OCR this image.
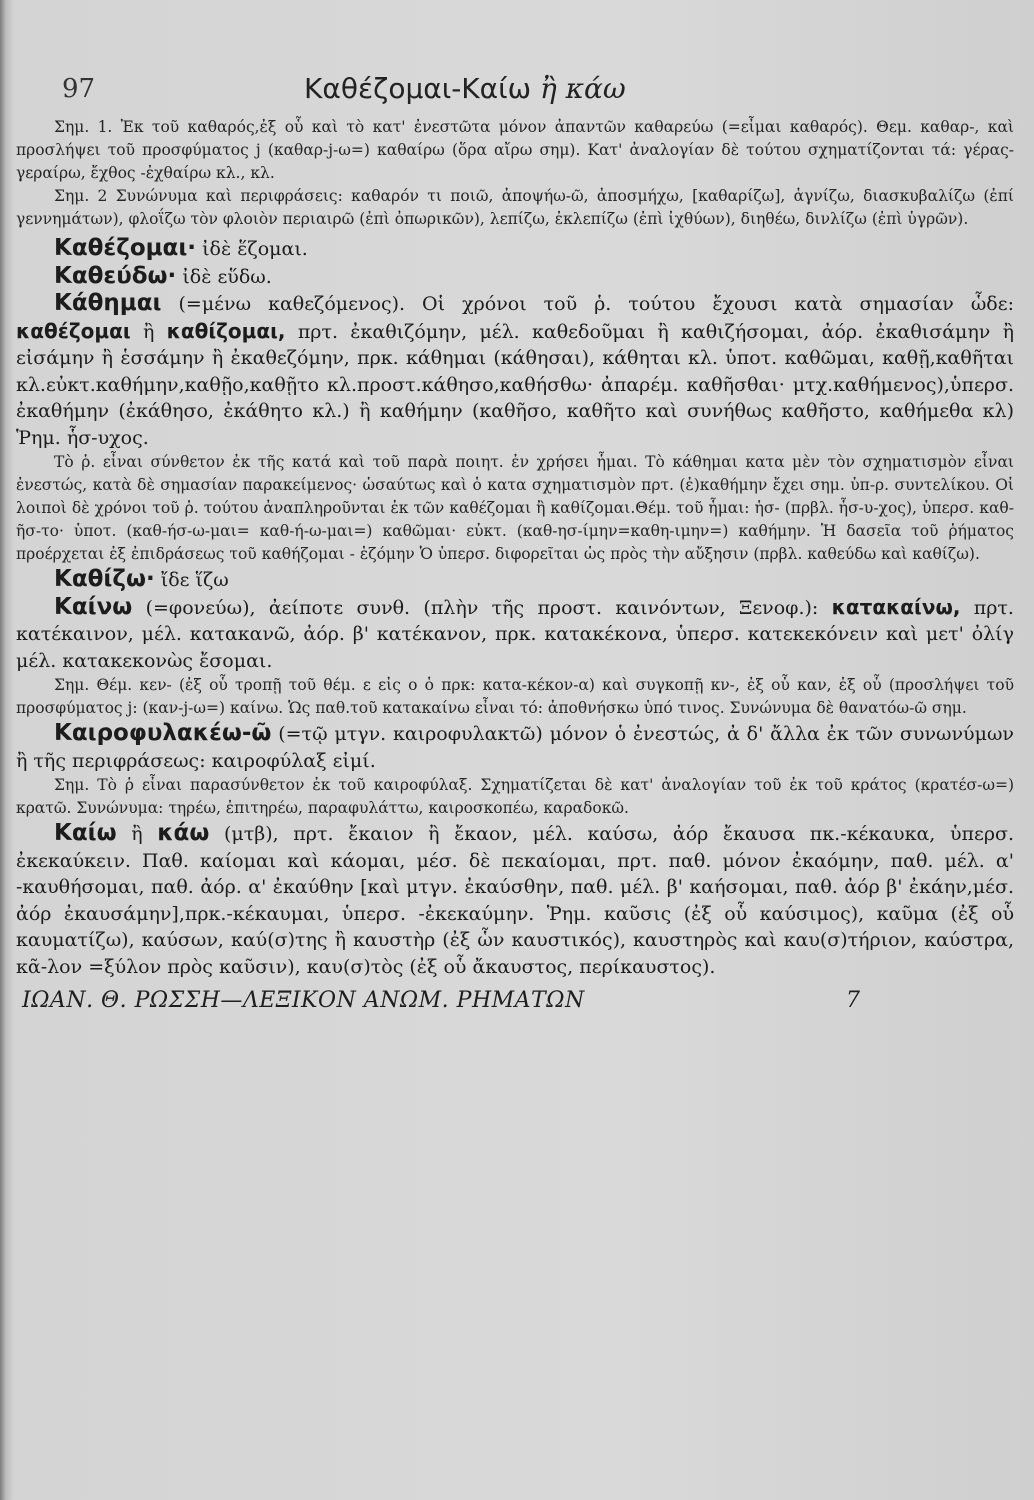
97	Καθέζομαι-Καίω ἢ κάω

Σημ. 1. Ἐκ τοῦ καθαρός,ἐξ οὗ καὶ τὸ κατ' ἐνεστῶτα μόνον ἀπαντῶν καθαρεύω (=εἶμαι καθαρός). Θεμ. καθαρ-, καὶ προσλήψει τοῦ προσφύματος j (καθαρ-j-ω=) καθαίρω (ὅρα αἴρω σημ). Κατ' ἀναλογίαν δὲ τούτου σχηματίζονται τά: γέρας-γεραίρω, ἔχθος -ἐχθαίρω κλ., κλ.

Σημ. 2 Συνώνυμα καὶ περιφράσεις: καθαρόν τι ποιῶ, ἀποψήω-ῶ, ἀποσμήχω, [καθαρίζω], ἁγνίζω, διασκυβαλίζω (ἐπί γεννημάτων), φλοΐζω τὸν φλοιὸν περιαιρῶ (ἐπὶ ὀπωρικῶν), λεπίζω, ἐκλεπίζω (ἐπὶ ἰχθύων), διηθέω, δινλίζω (ἐπὶ ὑγρῶν).

Καθέζομαι· ἰδὲ ἕζομαι.

Καθεύδω· ἰδὲ εὕδω.

Κάθημαι (=μένω καθεζόμενος). Οἱ χρόνοι τοῦ ῥ. τούτου ἔχουσι κατὰ σημασίαν ὧδε: καθέζομαι ἢ καθίζομαι, πρτ. ἐκαθιζόμην, μέλ. καθεδοῦμαι ἢ καθιζήσομαι, ἀόρ. ἐκαθισάμην ἢ εἰσάμην ἢ ἑσσάμην ἢ ἐκαθεζόμην, πρκ. κάθημαι (κάθησαι), κάθηται κλ. ὑποτ. καθῶμαι, καθῇ,καθῆται κλ.εὐκτ.καθήμην,καθῇο,καθῇτο κλ.προστ.κάθησο,καθήσθω· ἀπαρέμ. καθῆσθαι· μτχ.καθήμενος),ὑπερσ. ἐκαθήμην (ἐκάθησο, ἐκάθητο κλ.) ἢ καθήμην (καθῆσο, καθῆτο καὶ συνήθως καθῆστο, καθήμεθα κλ) Ῥημ. ἧσ-υχος.

Τὸ ῥ. εἶναι σύνθετον ἐκ τῆς κατά καὶ τοῦ παρὰ ποιητ. ἐν χρήσει ἧμαι. Τὸ κάθημαι κατα μὲν τὸν σχηματισμὸν εἶναι ἐνεστώς, κατὰ δὲ σημασίαν παρακείμενος· ὡσαύτως καὶ ὁ κατα σχηματισμὸν πρτ. (ἐ)καθήμην ἔχει σημ. ὑπ-ρ. συντελίκου. Οἱ λοιποὶ δὲ χρόνοι τοῦ ῥ. τούτου ἀναπληροῦνται ἐκ τῶν καθέζομαι ἢ καθίζομαι.Θέμ. τοῦ ἧμαι: ἡσ- (πρβλ. ἧσ-υ-χος), ὑπερσ. καθ-ῆσ-το· ὑποτ. (καθ-ήσ-ω-μαι= καθ-ή-ω-μαι=) καθῶμαι· εὐκτ. (καθ-ησ-ίμην=καθη-ιμην=) καθήμην. Ἡ δασεῖα τοῦ ῥήματος προέρχεται ἐξ ἐπιδράσεως τοῦ καθήζομαι - ἑζόμην Ὁ ὑπερσ. διφορεῖται ὡς πρὸς τὴν αὔξησιν (πρβλ. καθεύδω καὶ καθίζω).

Καθίζω· ἴδε ἵζω

Καίνω (=φονεύω), ἀείποτε συνθ. (πλὴν τῆς προστ. καινόντων, Ξενοφ.): κατακαίνω, πρτ. κατέκαινον, μέλ. κατακανῶ, ἀόρ. β' κατέκανον, πρκ. κατακέκονα, ὑπερσ. κατεκεκόνειν καὶ μετ' ὀλίγ μέλ. κατακεκονὼς ἔσομαι.

Σημ. Θέμ. κεν- (ἐξ οὗ τροπῇ τοῦ θέμ. ε εἰς ο ὁ πρκ: κατα-κέκον-α) καὶ συγκοπῇ κν-, ἐξ οὗ καν, ἐξ οὗ (προσλήψει τοῦ προσφύματος j: (καν-j-ω=) καίνω. Ὡς παθ.τοῦ κατακαίνω εἶναι τό: ἀποθνήσκω ὑπό τινος. Συνώνυμα δὲ θανατόω-ῶ σημ.

Καιροφυλακέω-ῶ (=τῷ μτγν. καιροφυλακτῶ) μόνον ὁ ἐνεστώς, ἀ δ' ἄλλα ἐκ τῶν συνωνύμων ἢ τῆς περιφράσεως: καιροφύλαξ εἰμί.

Σημ. Τὸ ῥ εἶναι παρασύνθετον ἐκ τοῦ καιροφύλαξ. Σχηματίζεται δὲ κατ' ἀναλογίαν τοῦ ἐκ τοῦ κράτος (κρατέσ-ω=) κρατῶ. Συνώνυμα: τηρέω, ἐπιτηρέω, παραφυλάττω, καιροσκοπέω, καραδοκῶ.

Καίω ἢ κάω (μτβ), πρτ. ἔκαιον ἢ ἔκαον, μέλ. καύσω, ἀόρ ἔκαυσα πκ.-κέκαυκα, ὑπερσ. ἐκεκαύκειν. Παθ. καίομαι καὶ κάομαι, μέσ. δὲ πεκαίομαι, πρτ. παθ. μόνον ἐκαόμην, παθ. μέλ. α' -καυθήσομαι, παθ. ἀόρ. α' ἐκαύθην [καὶ μτγν. ἐκαύσθην, παθ. μέλ. β' καήσομαι, παθ. ἀόρ β' ἐκάην,μέσ. ἀόρ ἐκαυσάμην],πρκ.-κέκαυμαι, ὑπερσ. -ἐκεκαύμην. Ῥημ. καῦσις (ἐξ οὗ καύσιμος), καῦμα (ἐξ οὗ καυματίζω), καύσων, καύ(σ)της ἢ καυστὴρ (ἐξ ὧν καυστικός), καυστηρὸς καὶ καυ(σ)τήριον, καύστρα, κᾶ-λον =ξύλον πρὸς καῦσιν), καυ(σ)τὸς (ἐξ οὗ ἄκαυστος, περίκαυστος).

ΙΩΑΝ. Θ. ΡΩΣΣΗ—ΛΕΞΙΚΟΝ ΑΝΩΜ. ΡΗΜΑΤΩΝ	7
